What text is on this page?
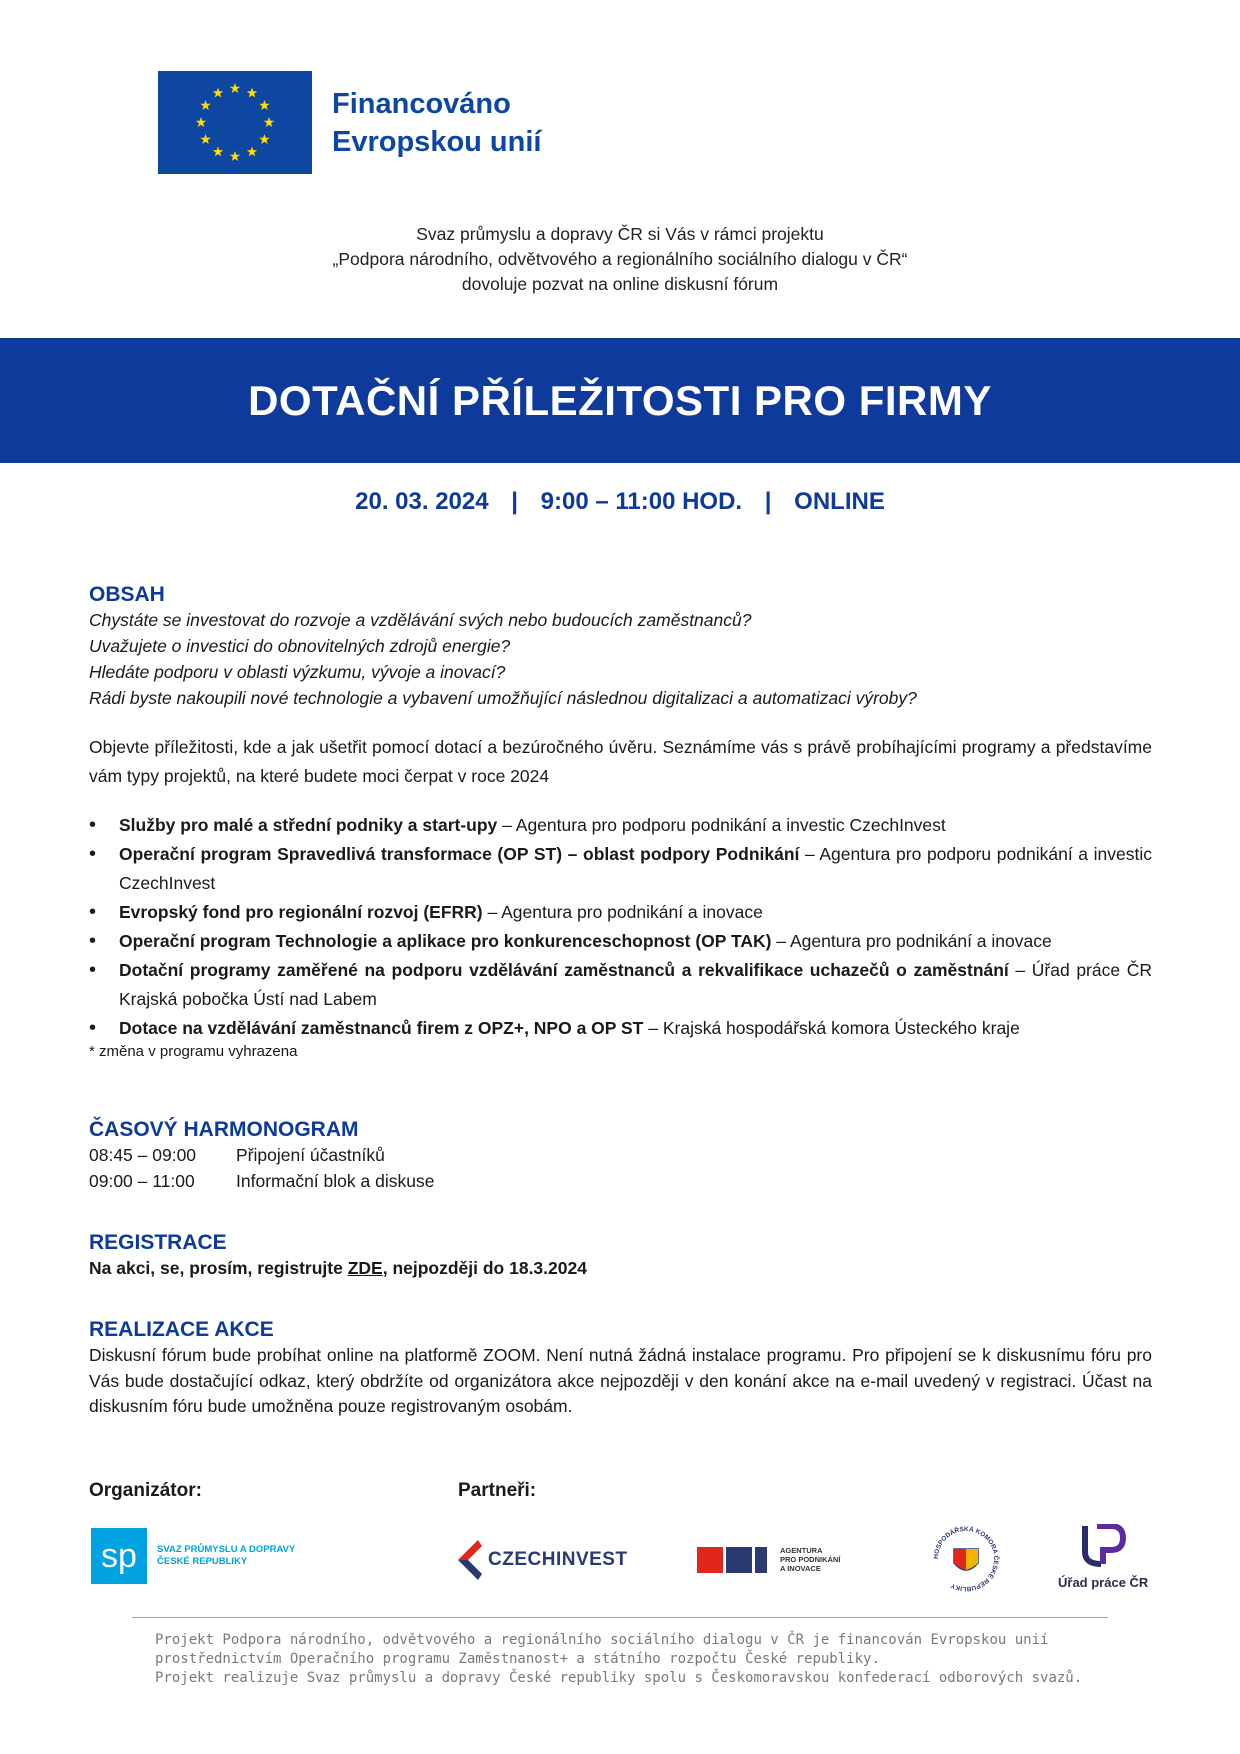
Financováno
Evropskou unií
Svaz průmyslu a dopravy ČR si Vás v rámci projektu
„Podpora národního, odvětvového a regionálního sociálního dialogu v ČR“
dovoluje pozvat na online diskusní fórum
DOTAČNÍ PŘÍLEŽITOSTI PRO FIRMY
20. 03. 2024 | 9:00 – 11:00 HOD. | ONLINE
OBSAH

Chystáte se investovat do rozvoje a vzdělávání svých nebo budoucích zaměstnanců?

Uvažujete o investici do obnovitelných zdrojů energie?

Hledáte podporu v oblasti výzkumu, vývoje a inovací?

Rádi byste nakoupili nové technologie a vybavení umožňující následnou digitalizaci a automatizaci výroby?

Objevte příležitosti, kde a jak ušetřit pomocí dotací a bezúročného úvěru. Seznámíme vás s právě probíhajícími programy a představíme vám typy projektů, na které budete moci čerpat v roce 2024

• Služby pro malé a střední podniky a start-upy – Agentura pro podporu podnikání a investic CzechInvest
• Operační program Spravedlivá transformace (OP ST) – oblast podpory Podnikání – Agentura pro podporu podnikání a investic CzechInvest
• Evropský fond pro regionální rozvoj (EFRR) – Agentura pro podnikání a inovace
• Operační program Technologie a aplikace pro konkurenceschopnost (OP TAK) – Agentura pro podnikání a inovace
• Dotační programy zaměřené na podporu vzdělávání zaměstnanců a rekvalifikace uchazečů o zaměstnání – Úřad práce ČR Krajská pobočka Ústí nad Labem
• Dotace na vzdělávání zaměstnanců firem z OPZ+, NPO a OP ST – Krajská hospodářská komora Ústeckého kraje

* změna v programu vyhrazena

ČASOVÝ HARMONOGRAM
08:45 – 09:00	Připojení účastníků
09:00 – 11:00	Informační blok a diskuse
REGISTRACE

Na akci, se, prosím, registrujte ZDE, nejpozději do 18.3.2024

REALIZACE AKCE

Diskusní fórum bude probíhat online na platformě ZOOM. Není nutná žádná instalace programu. Pro připojení se k diskusnímu fóru pro Vás bude dostačující odkaz, který obdržíte od organizátora akce nejpozději v den konání akce na e-mail uvedený v registraci. Účast na diskusním fóru bude umožněna pouze registrovaným osobám.

Organizátor:	Partneři:
sp	SVAZ PRŮMYSLU A DOPRAVY
ČESKÉ REPUBLIKY	CZECHINVEST	AGENTURA
PRO PODNIKÁNÍ
A INOVACE
HOSPODÁŘSKÁ KOMORA ČESKÉ REPUBLIKY	Úřad práce ČR
Projekt Podpora národního, odvětvového a regionálního sociálního dialogu v ČR je financován Evropskou unií
prostřednictvím Operačního programu Zaměstnanost+ a státního rozpočtu České republiky.
Projekt realizuje Svaz průmyslu a dopravy České republiky spolu s Českomoravskou konfederací odborových svazů.
